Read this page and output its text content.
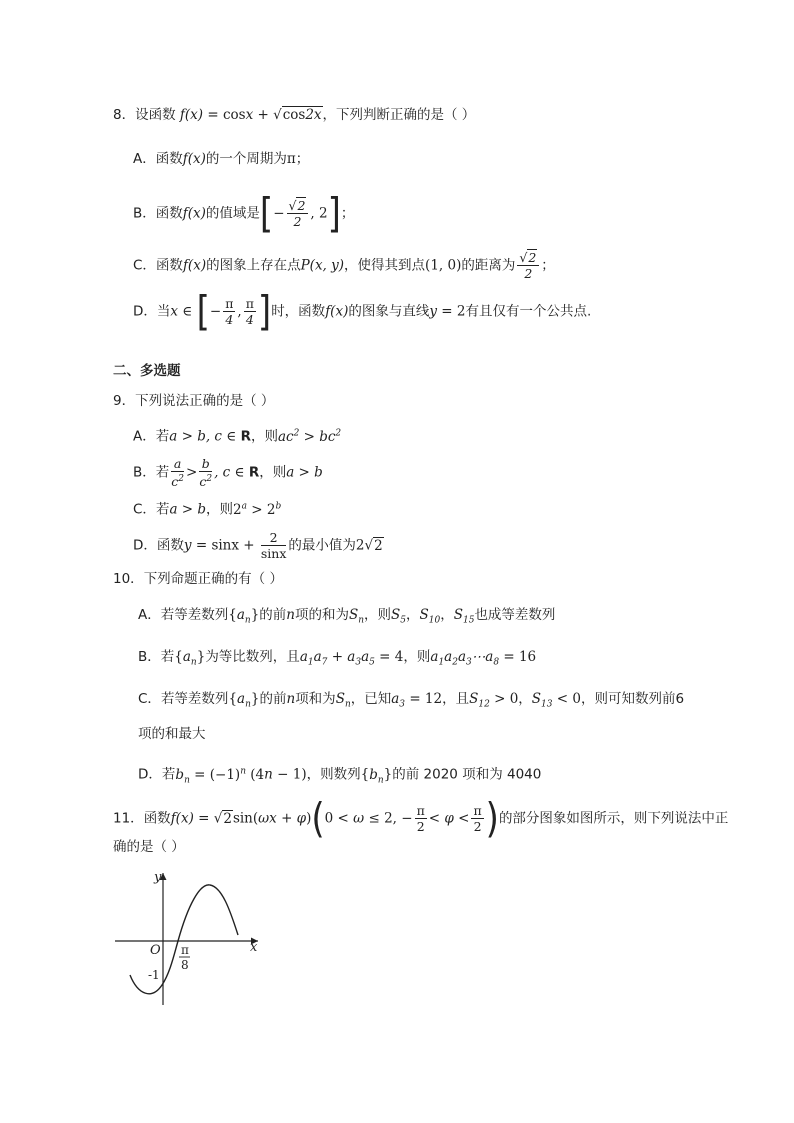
8．设函数 f(x) = cosx + √cos2x，下列判断正确的是（ ）
A．函数f(x)的一个周期为π；
B．函数f(x)的值域是[− $\frac{√2}{2}$ , 2]；
C．函数f(x)的图象上存在点P(x, y)，使得其到点(1, 0)的距离为 $\frac{√2}{2}$ ；
D．当x ∈ [− $\frac{\pi}{4}$ , $\frac{\pi}{4}$ ]时，函数f(x)的图象与直线y = 2有且仅有一个公共点.
二、多选题
9．下列说法正确的是（ ）
A．若a > b, c ∈ R，则$ac^2 > bc^2$
B．若 $\frac{a}{c^2} > \frac{b}{c^2}$ , c ∈ R，则a > b
C．若a > b，则$2^a > 2^b$
D．函数$y = \sin x + \frac{2}{\sin x}$ 的最小值为2√2
10．下列命题正确的有（ ）
A．若等差数列$\{a_n\}$的前n项的和为$S_n$，则$S_5$，$S_{10}$，$S_{15}$也成等差数列
B．若$\{a_n\}$为等比数列，且$a_1a_7 + a_3a_5 = 4$，则$a_1a_2a_3\cdots a_8 = 16$
C．若等差数列$\{a_n\}$的前n项和为$S_n$，已知$a_3 = 12$，且$S_{12} > 0$，$S_{13} < 0$，则可知数列前6
项的和最大
D．若$b_n = (-1)^n$ (4n − 1)，则数列$\{b_n\}$的前 2020 项和为 4040
11．函数f(x) = √2sin(ωx + φ)(0 < ω ≤ 2, − $\frac{\pi}{2} < \varphi < \frac{\pi}{2}$ )的部分图象如图所示，则下列说法中正
确的是（ ）
y
x
O π
8
-1
